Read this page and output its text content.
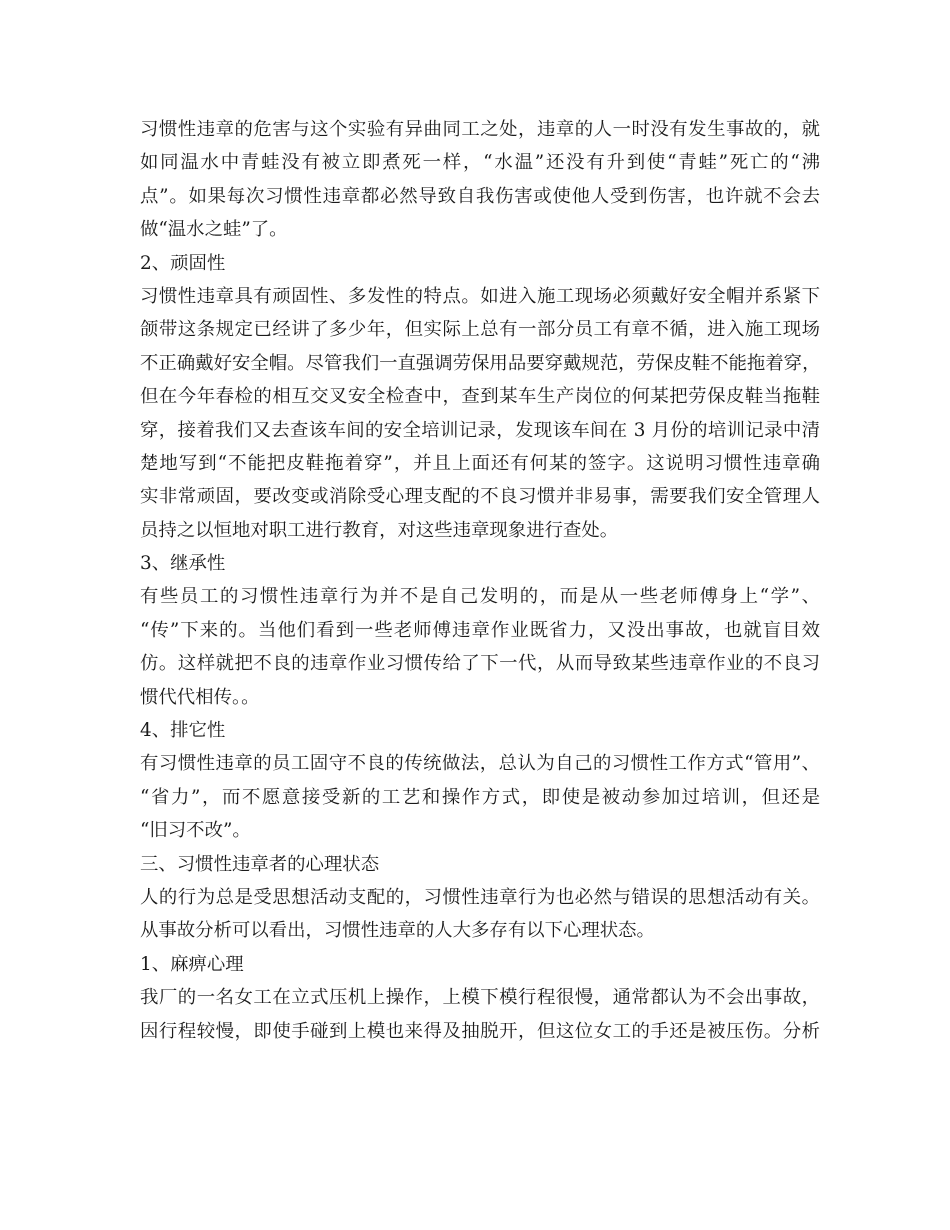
习惯性违章的危害与这个实验有异曲同工之处，违章的人一时没有发生事故的，就
如同温水中青蛙没有被立即煮死一样，“水温”还没有升到使“青蛙”死亡的“沸
点”。如果每次习惯性违章都必然导致自我伤害或使他人受到伤害，也许就不会去
做“温水之蛙”了。
2、顽固性
习惯性违章具有顽固性、多发性的特点。如进入施工现场必须戴好安全帽并系紧下
颌带这条规定已经讲了多少年，但实际上总有一部分员工有章不循，进入施工现场
不正确戴好安全帽。尽管我们一直强调劳保用品要穿戴规范，劳保皮鞋不能拖着穿，
但在今年春检的相互交叉安全检查中，查到某车生产岗位的何某把劳保皮鞋当拖鞋
穿，接着我们又去查该车间的安全培训记录，发现该车间在 3 月份的培训记录中清
楚地写到“不能把皮鞋拖着穿”，并且上面还有何某的签字。这说明习惯性违章确
实非常顽固，要改变或消除受心理支配的不良习惯并非易事，需要我们安全管理人
员持之以恒地对职工进行教育，对这些违章现象进行查处。
3、继承性
有些员工的习惯性违章行为并不是自己发明的，而是从一些老师傅身上“学”、
“传”下来的。当他们看到一些老师傅违章作业既省力，又没出事故，也就盲目效
仿。这样就把不良的违章作业习惯传给了下一代，从而导致某些违章作业的不良习
惯代代相传。。
4、排它性
有习惯性违章的员工固守不良的传统做法，总认为自己的习惯性工作方式“管用”、
“省力”，而不愿意接受新的工艺和操作方式，即使是被动参加过培训，但还是
“旧习不改”。
三、习惯性违章者的心理状态
人的行为总是受思想活动支配的，习惯性违章行为也必然与错误的思想活动有关。
从事故分析可以看出，习惯性违章的人大多存有以下心理状态。
1、麻痹心理
我厂的一名女工在立式压机上操作，上模下模行程很慢，通常都认为不会出事故，
因行程较慢，即使手碰到上模也来得及抽脱开，但这位女工的手还是被压伤。分析
